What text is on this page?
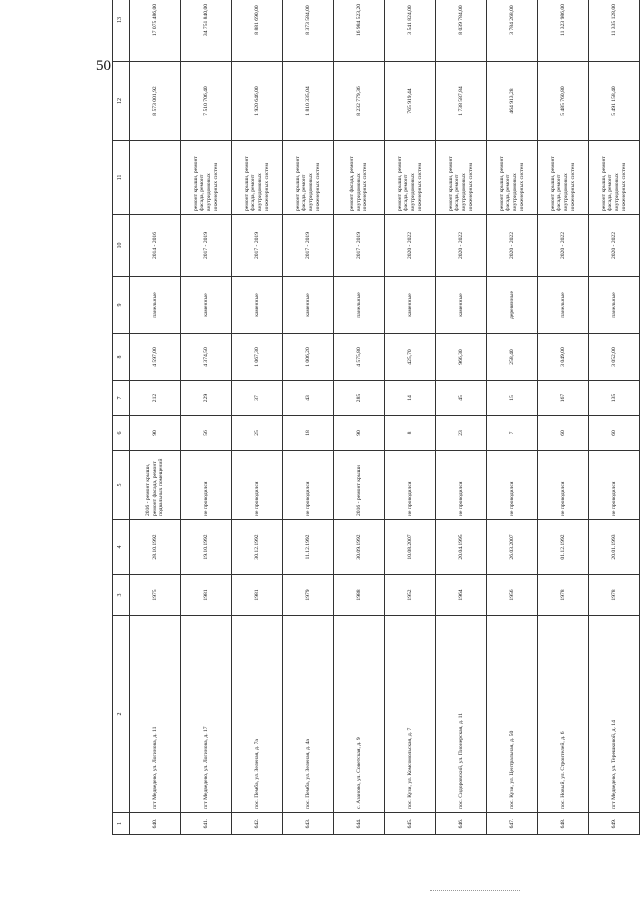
50
1	2	3	4	5	6	7	8	9	10	11	12	13
640.	пгт Медведево, ул. Логинова, д. 11	1975	28.10.1992	2016 - ремонт крыши, ремонт фасада, ремонт подвальных помещений	90	212	4 597,00	панельные	2014 - 2016		8 573 001,92	17 075 486,00
641.	пгт Медведево, ул. Логинова, д. 17	1981	19.10.1992	не проводился	56	229	4 374,50	каменные	2017 - 2019	ремонт крыши, ремонт фасада, ремонт внутридомовых инженерных систем	7 510 706,40	34 751 840,00
642.	пос. Пемба, ул. Зеленая, д. 7а	1981	30.12.1992	не проводился	25	37	1 067,30	каменные	2017 - 2019	ремонт крыши, ремонт фасада, ремонт внутридомовых инженерных систем	1 920 646,00	8 881 690,00
643.	пос. Пемба, ул. Зеленая, д. 4а	1979	11.12.1992	не проводился	18	43	1 006,20	каменные	2017 - 2019	ремонт крыши, ремонт фасада, ремонт внутридомовых инженерных систем	1 810 335,04	8 373 584,00
644.	с. Азаново, ул. Советская, д. 9	1988	30.09.1992	2016 - ремонт крыши	90	285	4 575,80	панельные	2017 - 2019	ремонт фасада, ремонт внутридомовых инженерных систем	8 232 779,36	16 984 523,20
645.	пос. Кузи, ул. Комсомольская, д. 7	1952	10.08.2007	не проводился	8	14	425,70	каменные	2020 - 2022	ремонт крыши, ремонт фасада, ремонт внутридомовых инженерных систем	765 919,44	3 541 824,00
646.	пос. Сидоровский, ул. Пионерская, д. 11	1964	20.04.1995	не проводился	23	45	966,30	каменные	2020 - 2022	ремонт крыши, ремонт фасада, ремонт внутридомовых инженерных систем	1 738 587,84	8 039 784,00
647.	пос. Кузи, ул. Центральная, д. 50	1956	26.03.2007	не проводился	7	15	258,40	деревянные	2020 - 2022	ремонт крыши, ремонт фасада, ремонт внутридомовых инженерных систем	464 913,28	3 784 268,00
648.	пос. Новый, ул. Строителей, д. 6	1978	01.12.1992	не проводился	60	167	3 049,00	панельные	2020 - 2022	ремонт крыши, ремонт фасада, ремонт внутридомовых инженерных систем	5 485 760,80	11 323 986,00
649.	пгт Медведево, ул. Терешковой, д. 14	1978	20.01.1993	не проводился	60	135	3 052,00	панельные	2020 - 2022	ремонт крыши, ремонт фасада, ремонт внутридомовых инженерных систем	5 491 158,40	11 335 128,00
